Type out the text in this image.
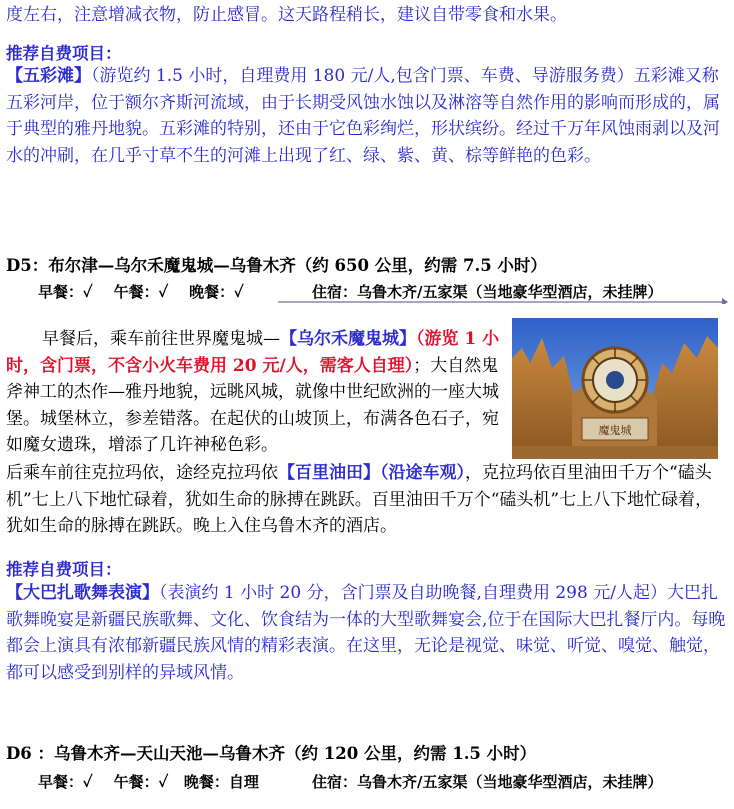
度左右，注意增减衣物，防止感冒。这天路程稍长，建议自带零食和水果。
推荐自费项目：
【五彩滩】（游览约 1.5 小时，自理费用 180 元/人,包含门票、车费、导游服务费）五彩滩又称五彩河岸，位于额尔齐斯河流域，由于长期受风蚀水蚀以及淋溶等自然作用的影响而形成的，属于典型的雅丹地貌。五彩滩的特别，还由于它色彩绚烂，形状缤纷。经过千万年风蚀雨剥以及河水的冲刷，在几乎寸草不生的河滩上出现了红、绿、紫、黄、棕等鲜艳的色彩。
D5：布尔津—乌尔禾魔鬼城—乌鲁木齐（约 650 公里，约需 7.5 小时）
早餐：✓    午餐：✓    晚餐：✓	住宿：乌鲁木齐/五家渠（当地豪华型酒店，未挂牌）
魔鬼城
早餐后，乘车前往世界魔鬼城—【乌尔禾魔鬼城】（游览 1 小时，含门票，不含小火车费用 20 元/人，需客人自理）；大自然鬼斧神工的杰作—雅丹地貌，远眺风城，就像中世纪欧洲的一座大城堡。城堡林立，参差错落。在起伏的山坡顶上，布满各色石子，宛如魔女遗珠，增添了几许神秘色彩。
后乘车前往克拉玛依，途经克拉玛依【百里油田】（沿途车观），克拉玛依百里油田千万个“磕头机”七上八下地忙碌着，犹如生命的脉搏在跳跃。百里油田千万个“磕头机”七上八下地忙碌着，犹如生命的脉搏在跳跃。晚上入住乌鲁木齐的酒店。
推荐自费项目：
【大巴扎歌舞表演】（表演约 1 小时 20 分，含门票及自助晚餐,自理费用 298 元/人起）大巴扎歌舞晚宴是新疆民族歌舞、文化、饮食结为一体的大型歌舞宴会,位于在国际大巴扎餐厅内。每晚都会上演具有浓郁新疆民族风情的精彩表演。在这里，无论是视觉、味觉、听觉、嗅觉、触觉，都可以感受到别样的异域风情。
D6 ：乌鲁木齐—天山天池—乌鲁木齐（约 120 公里，约需 1.5 小时）
早餐：✓    午餐：✓   晚餐：自理	住宿：乌鲁木齐/五家渠（当地豪华型酒店，未挂牌）
